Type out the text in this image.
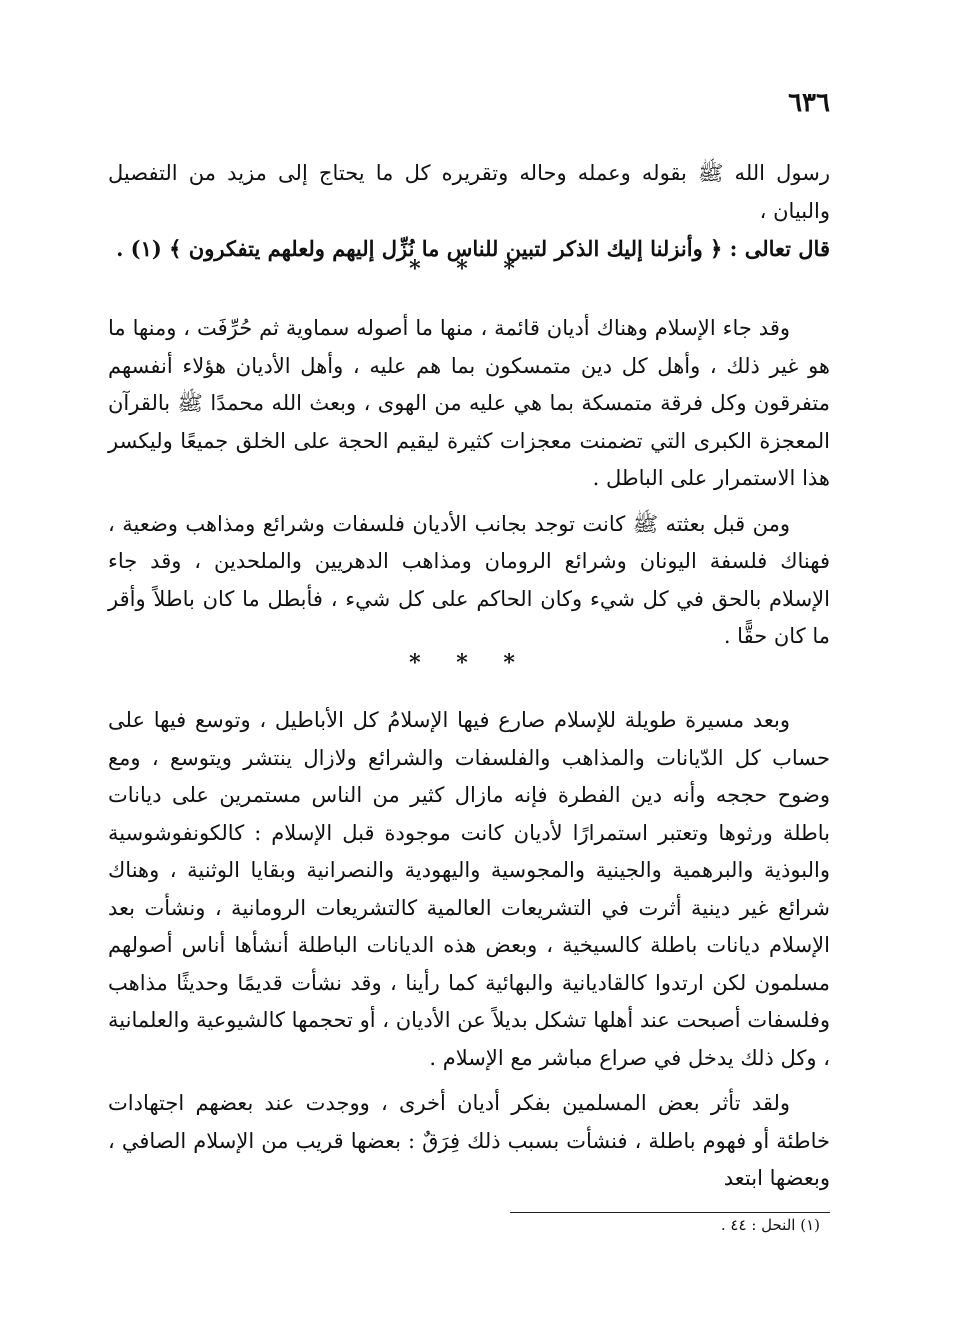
٦٣٦

رسول الله ﷺ بقوله وعمله وحاله وتقريره كل ما يحتاج إلى مزيد من التفصيل والبيان ،

قال تعالى : ﴿ وأنزلنا إليك الذكر لتبين للناس ما نُزِّل إليهم ولعلهم يتفكرون ﴾ (١) .

* * *

وقد جاء الإسلام وهناك أديان قائمة ، منها ما أصوله سماوية ثم حُرِّفَت ، ومنها ما هو غير ذلك ، وأهل كل دين متمسكون بما هم عليه ، وأهل الأديان هؤلاء أنفسهم متفرقون وكل فرقة متمسكة بما هي عليه من الهوى ، وبعث الله محمدًا ﷺ بالقرآن المعجزة الكبرى التي تضمنت معجزات كثيرة ليقيم الحجة على الخلق جميعًا وليكسر هذا الاستمرار على الباطل .

ومن قبل بعثته ﷺ كانت توجد بجانب الأديان فلسفات وشرائع ومذاهب وضعية ، فهناك فلسفة اليونان وشرائع الرومان ومذاهب الدهريين والملحدين ، وقد جاء الإسلام بالحق في كل شيء وكان الحاكم على كل شيء ، فأبطل ما كان باطلاً وأقر ما كان حقًّا .

* * *

وبعد مسيرة طويلة للإسلام صارع فيها الإسلامُ كل الأباطيل ، وتوسع فيها على حساب كل الدّيانات والمذاهب والفلسفات والشرائع ولازال ينتشر ويتوسع ، ومع وضوح حججه وأنه دين الفطرة فإنه مازال كثير من الناس مستمرين على ديانات باطلة ورثوها وتعتبر استمرارًا لأديان كانت موجودة قبل الإسلام : كالكونفوشوسية والبوذية والبرهمية والجينية والمجوسية واليهودية والنصرانية وبقايا الوثنية ، وهناك شرائع غير دينية أثرت في التشريعات العالمية كالتشريعات الرومانية ، ونشأت بعد الإسلام ديانات باطلة كالسيخية ، وبعض هذه الديانات الباطلة أنشأها أناس أصولهم مسلمون لكن ارتدوا كالقاديانية والبهائية كما رأينا ، وقد نشأت قديمًا وحديثًا مذاهب وفلسفات أصبحت عند أهلها تشكل بديلاً عن الأديان ، أو تحجمها كالشيوعية والعلمانية ، وكل ذلك يدخل في صراع مباشر مع الإسلام .

ولقد تأثر بعض المسلمين بفكر أديان أخرى ، ووجدت عند بعضهم اجتهادات خاطئة أو فهوم باطلة ، فنشأت بسبب ذلك فِرَقٌ : بعضها قريب من الإسلام الصافي ، وبعضها ابتعد

(١) النحل : ٤٤ .
